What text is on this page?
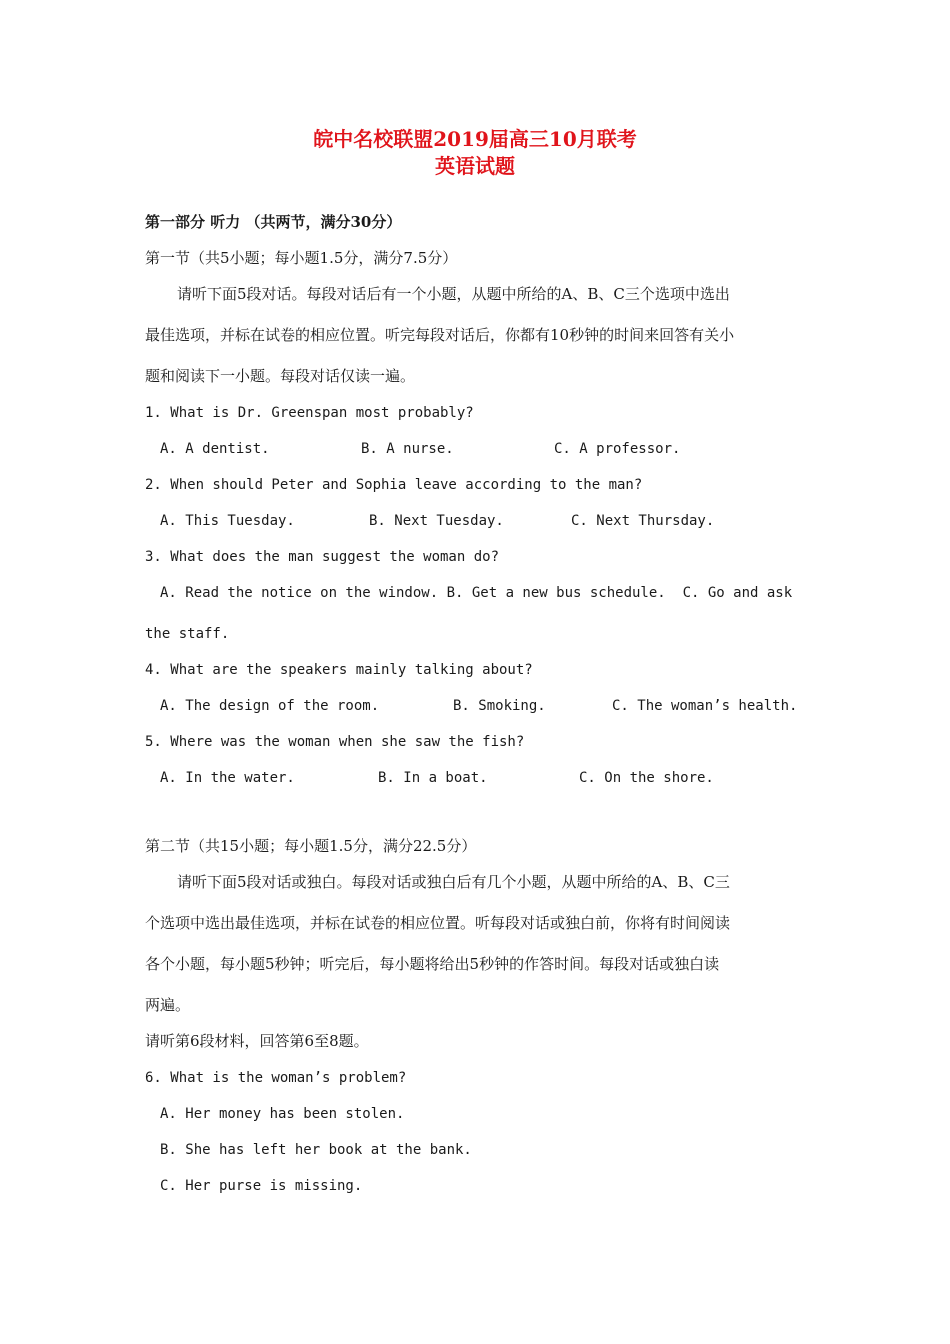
皖中名校联盟2019届高三10月联考
英语试题
第一部分 听力 （共两节，满分30分）
第一节（共5小题；每小题1.5分，满分7.5分）
请听下面5段对话。每段对话后有一个小题，从题中所给的A、B、C三个选项中选出
最佳选项，并标在试卷的相应位置。听完每段对话后，你都有10秒钟的时间来回答有关小
题和阅读下一小题。每段对话仅读一遍。
1. What is Dr. Greenspan most probably?
A. A dentist.	B. A nurse.	C. A professor.
2. When should Peter and Sophia leave according to the man?
A. This Tuesday.	B. Next Tuesday.	C. Next Thursday.
3. What does the man suggest the woman do?
A. Read the notice on the window. B. Get a new bus schedule.  C. Go and ask
the staff.
4. What are the speakers mainly talking about?
A. The design of the room.	B. Smoking.	C. The woman’s health.
5. Where was the woman when she saw the fish?
A. In the water.	B. In a boat.	C. On the shore.
第二节（共15小题；每小题1.5分，满分22.5分）
请听下面5段对话或独白。每段对话或独白后有几个小题，从题中所给的A、B、C三
个选项中选出最佳选项，并标在试卷的相应位置。听每段对话或独白前，你将有时间阅读
各个小题，每小题5秒钟；听完后，每小题将给出5秒钟的作答时间。每段对话或独白读
两遍。
请听第6段材料，回答第6至8题。
6. What is the woman’s problem?
A. Her money has been stolen.
B. She has left her book at the bank.
C. Her purse is missing.
